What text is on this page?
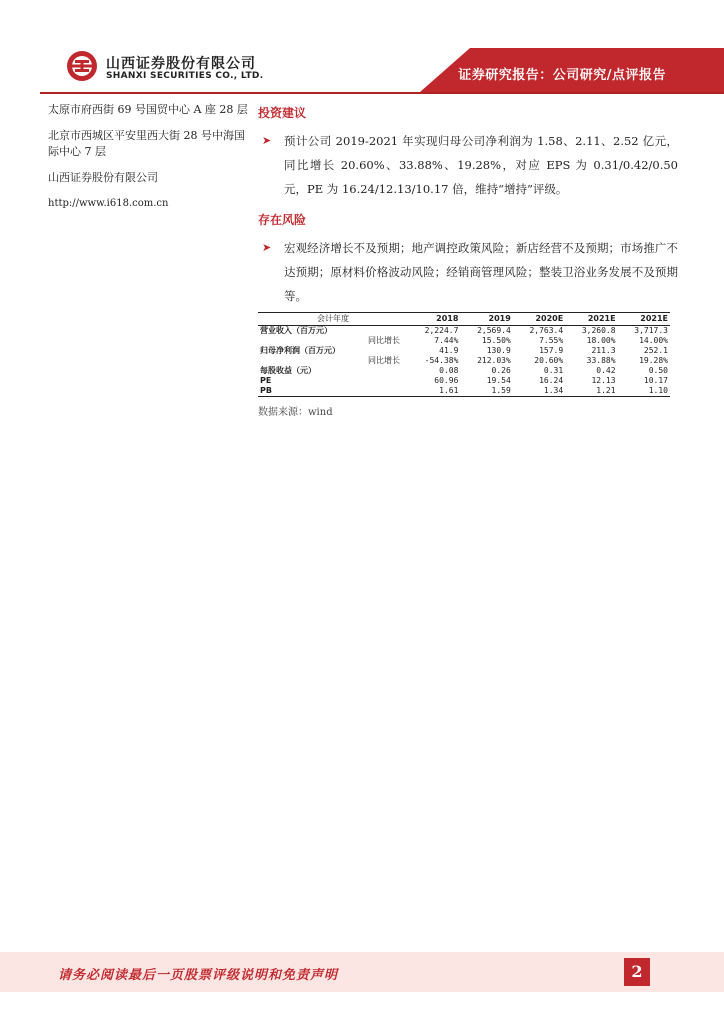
山西证券股份有限公司
SHANXI SECURITIES CO., LTD.	证券研究报告：公司研究/点评报告
太原市府西街 69 号国贸中心 A 座 28 层
北京市西城区平安里西大街 28 号中海国际中心 7 层
山西证券股份有限公司
http://www.i618.com.cn
投资建议
➤ 预计公司 2019-2021 年实现归母公司净利润为 1.58、2.11、2.52 亿元，同比增长 20.60%、33.88%、19.28%，对应 EPS 为 0.31/0.42/0.50 元，PE 为 16.24/12.13/10.17 倍，维持“增持”评级。
存在风险
➤ 宏观经济增长不及预期；地产调控政策风险；新店经营不及预期；市场推广不达预期；原材料价格波动风险；经销商管理风险；整装卫浴业务发展不及预期等。
会计年度	2018	2019	2020E	2021E	2021E
营业收入（百万元）	2,224.7	2,569.4	2,763.4	3,260.8	3,717.3
同比增长	7.44%	15.50%	7.55%	18.00%	14.00%
归母净利润（百万元）	41.9	130.9	157.9	211.3	252.1
同比增长	-54.38%	212.03%	20.60%	33.88%	19.28%
每股收益（元）	0.08	0.26	0.31	0.42	0.50
PE	60.96	19.54	16.24	12.13	10.17
PB	1.61	1.59	1.34	1.21	1.10
数据来源：wind
请务必阅读最后一页股票评级说明和免责声明	2
